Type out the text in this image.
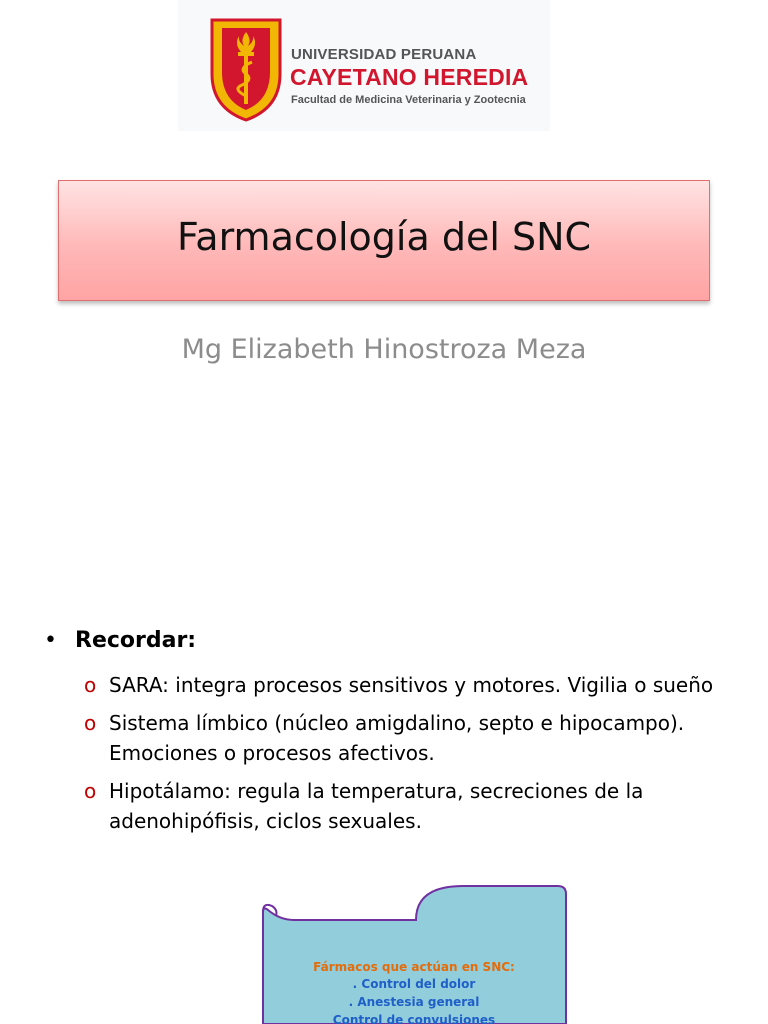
UNIVERSIDAD PERUANA
CAYETANO HEREDIA
Facultad de Medicina Veterinaria y Zootecnia
Farmacología del SNC
Mg Elizabeth Hinostroza Meza
• Recordar:
o SARA: integra procesos sensitivos y motores. Vigilia o sueño
o Sistema límbico (núcleo amigdalino, septo e hipocampo). Emociones o procesos afectivos.
o Hipotálamo: regula la temperatura, secreciones de la adenohipófisis, ciclos sexuales.
Fármacos que actúan en SNC:
. Control del dolor
. Anestesia general
Control de convulsiones
